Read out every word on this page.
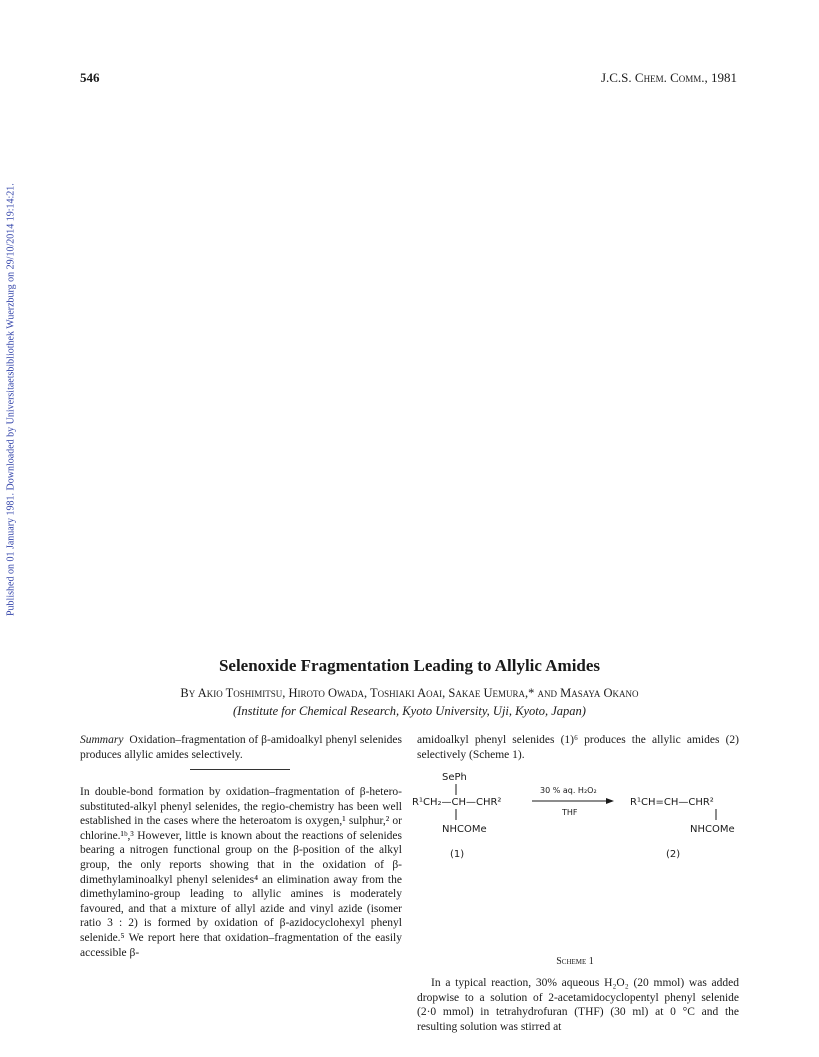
546	J.C.S. Chem. Comm., 1981
Published on 01 January 1981. Downloaded by Universitaetsbibliothek Wuerzburg on 29/10/2014 19:14:21.
Selenoxide Fragmentation Leading to Allylic Amides
By Akio Toshimitsu, Hiroto Owada, Toshiaki Aoai, Sakae Uemura,* and Masaya Okano
(Institute for Chemical Research, Kyoto University, Uji, Kyoto, Japan)
Summary Oxidation–fragmentation of β-amidoalkyl phenyl selenides produces allylic amides selectively.

In double-bond formation by oxidation–fragmentation of β-hetero-substituted-alkyl phenyl selenides, the regio-chemistry has been well established in the cases where the heteroatom is oxygen,¹ sulphur,² or chlorine.¹ᵇ,³ However, little is known about the reactions of selenides bearing a nitrogen functional group on the β-position of the alkyl group, the only reports showing that in the oxidation of β-dimethylaminoalkyl phenyl selenides⁴ an elimination away from the dimethylamino-group leading to allylic amines is moderately favoured, and that a mixture of allyl azide and vinyl azide (isomer ratio 3 : 2) is formed by oxidation of β-azidocyclohexyl phenyl selenide.⁵ We report here that oxidation–fragmentation of the easily accessible β-

amidoalkyl phenyl selenides (1)⁶ produces the allylic amides (2) selectively (Scheme 1).

SePh
R¹CH₂—CH—CHR²
NHCOMe
(1)
30 % aq. H₂O₂
THF
R¹CH=CH—CHR²
NHCOMe
(2)
Scheme 1

In a typical reaction, 30% aqueous H₂O₂ (20 mmol) was added dropwise to a solution of 2-acetamidocyclopentyl phenyl selenide (2·0 mmol) in tetrahydrofuran (THF) (30 ml) at 0 °C and the resulting solution was stirred at
